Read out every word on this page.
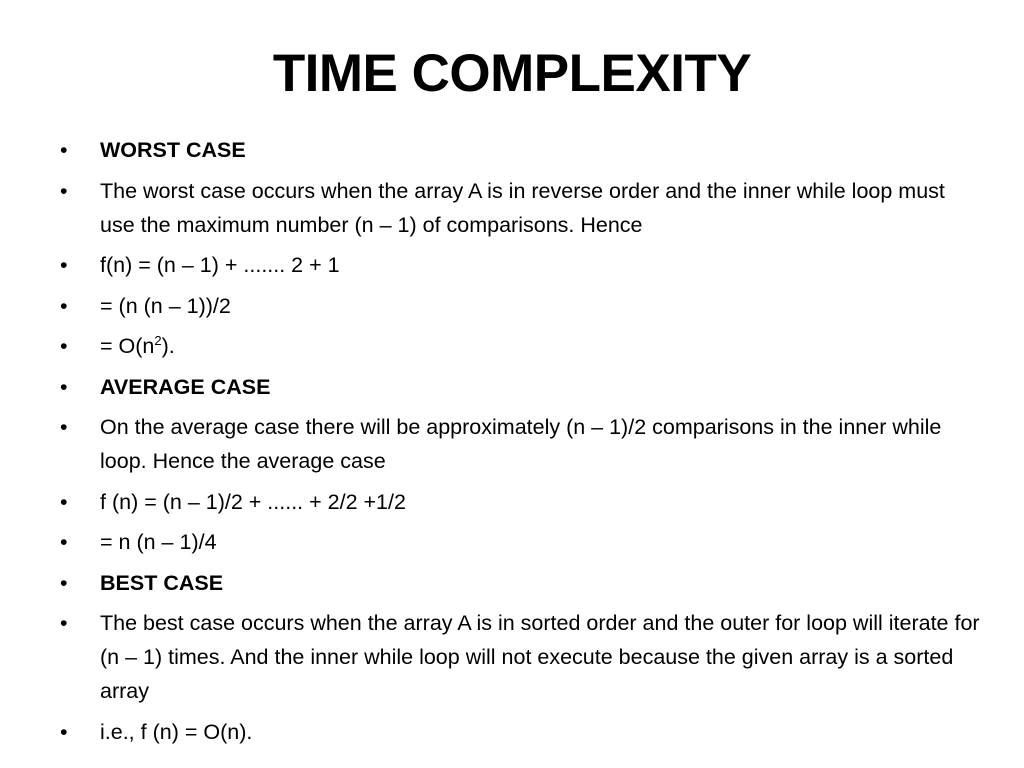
TIME COMPLEXITY
•	WORST CASE
•	The worst case occurs when the array A is in reverse order and the inner while loop must use the maximum number (n – 1) of comparisons. Hence
•	f(n) = (n – 1) + ....... 2 + 1
•	= (n (n – 1))/2
•	= $O(n^2)$.
•	AVERAGE CASE
•	On the average case there will be approximately (n – 1)/2 comparisons in the inner while loop. Hence the average case
•	f (n) = (n – 1)/2 + ...... + 2/2 +1/2
•	= n (n – 1)/4
•	BEST CASE
•	The best case occurs when the array A is in sorted order and the outer for loop will iterate for (n – 1) times. And the inner while loop will not execute because the given array is a sorted array
•	i.e., f (n) = O(n).
